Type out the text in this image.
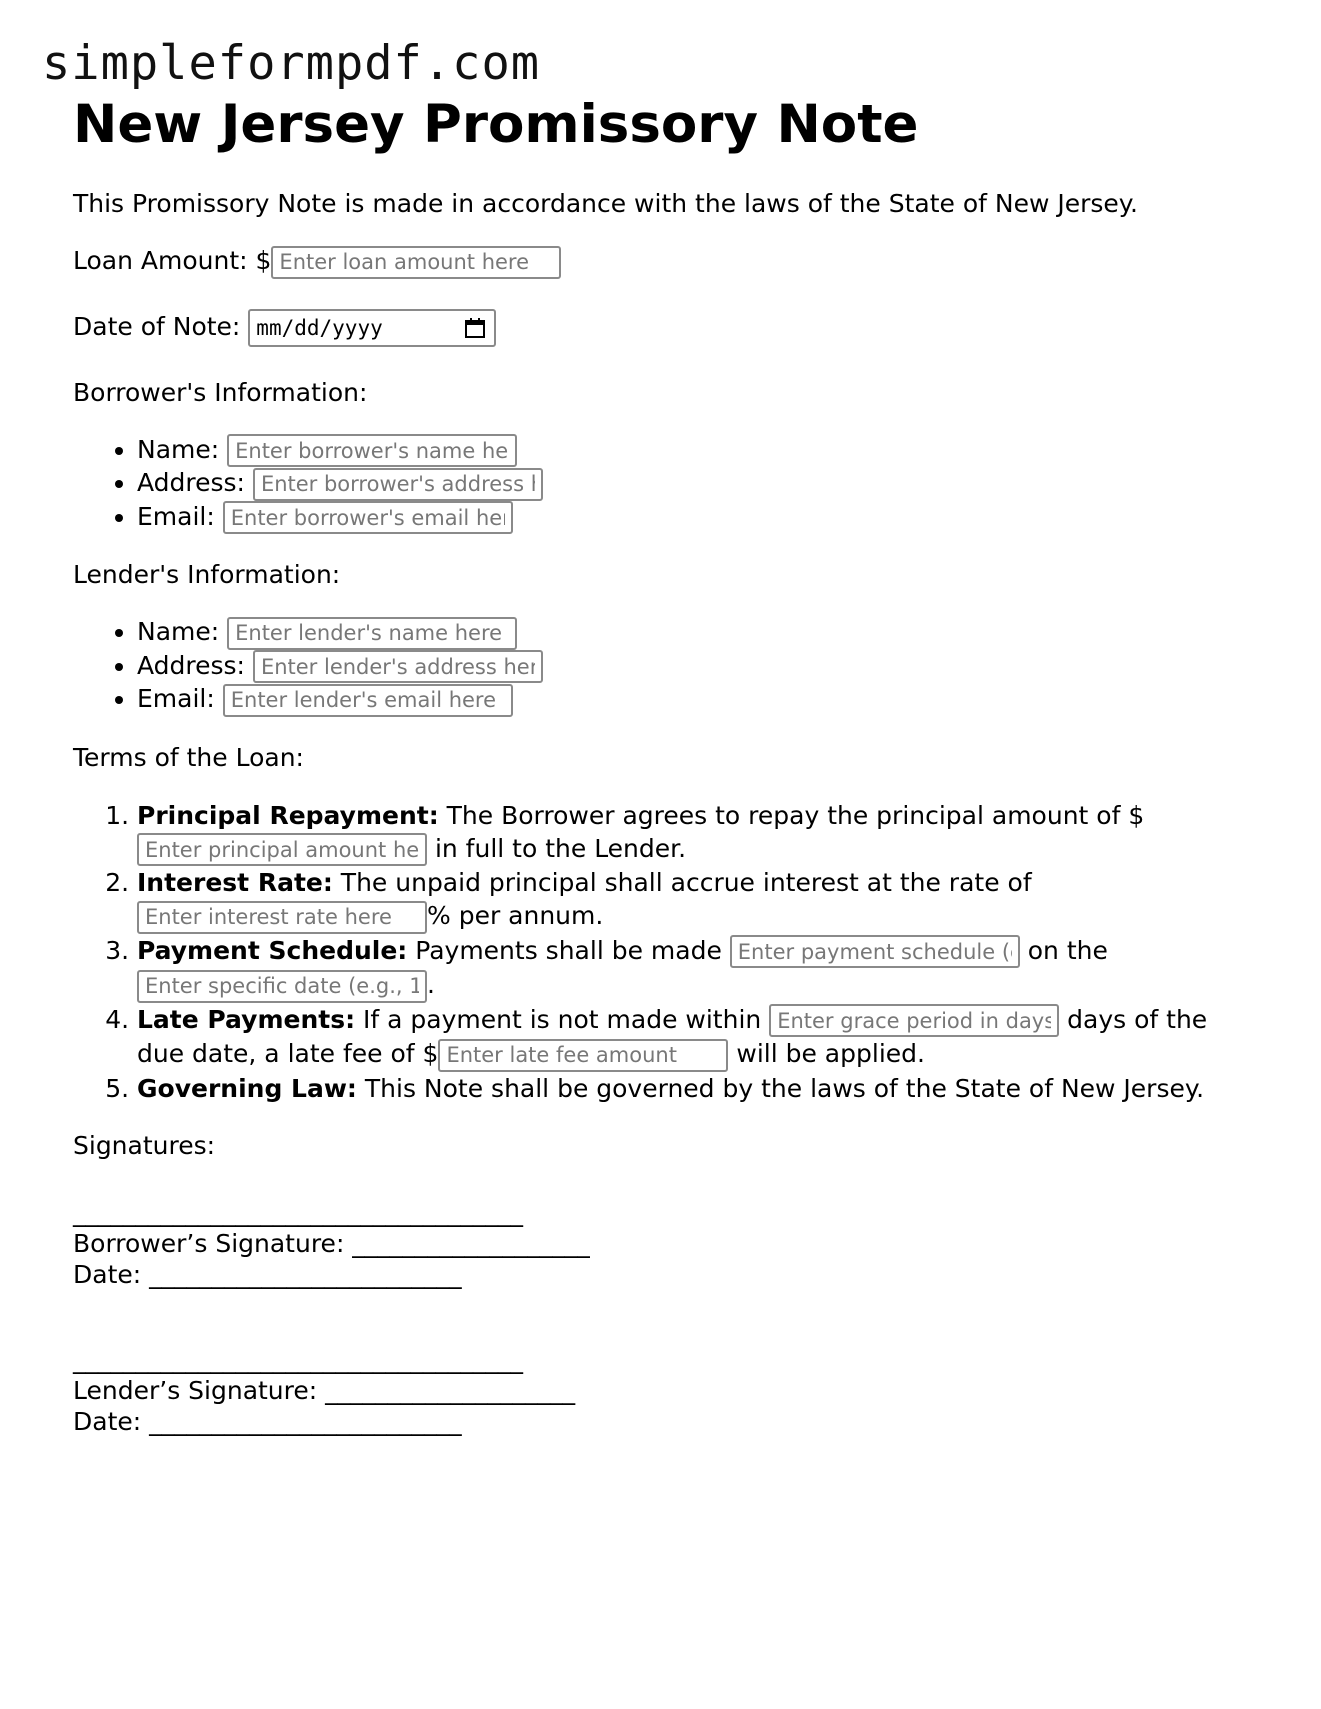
simpleformpdf.com
New Jersey Promissory Note

This Promissory Note is made in accordance with the laws of the State of New Jersey.

Loan Amount: $Enter loan amount here
Date of Note: mm/dd/yyyy

Borrower's Information:

• Name: Enter borrower's name here
• Address: Enter borrower's address here
• Email: Enter borrower's email here

Lender's Information:

• Name: Enter lender's name here
• Address: Enter lender's address here
• Email: Enter lender's email here

Terms of the Loan:

1. Principal Repayment: The Borrower agrees to repay the principal amount of $ Enter principal amount here in full to the Lender.
2. Interest Rate: The unpaid principal shall accrue interest at the rate of Enter interest rate here% per annum.
3. Payment Schedule: Payments shall be made Enter payment schedule (e.g., monthly)	on the Enter specific date (e.g., 1st).
4. Late Payments: If a payment is not made within Enter grace period in days	days of the due date, a late fee of $Enter late fee amount	will be applied.
5. Governing Law: This Note shall be governed by the laws of the State of New Jersey.

Signatures:

____________________________________
Borrower’s Signature: ___________________
Date: _________________________
____________________________________
Lender’s Signature: ____________________
Date: _________________________
